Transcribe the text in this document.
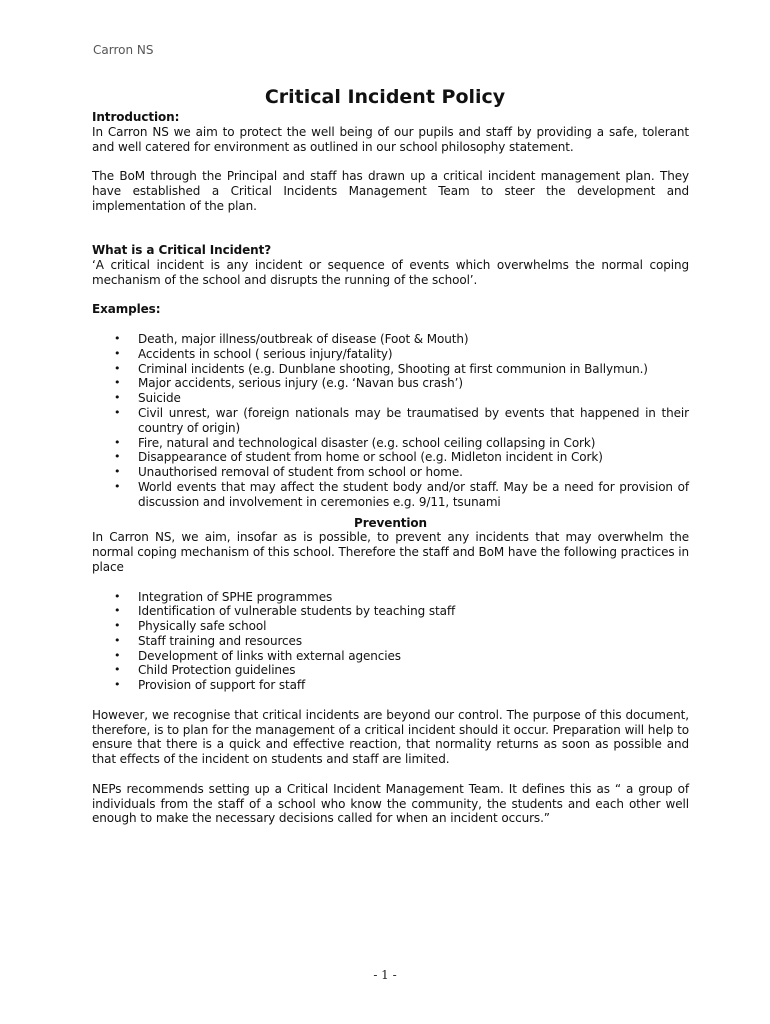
Carron NS
Critical Incident Policy
Introduction:

In Carron NS we aim to protect the well being of our pupils and staff by providing a safe, tolerant and well catered for environment as outlined in our school philosophy statement.

The BoM through the Principal and staff has drawn up a critical incident management plan. They have established a Critical Incidents Management Team to steer the development and implementation of the plan.

What is a Critical Incident?

‘A critical incident is any incident or sequence of events which overwhelms the normal coping mechanism of the school and disrupts the running of the school’.

Examples:
• Death, major illness/outbreak of disease (Foot & Mouth)
• Accidents in school ( serious injury/fatality)
• Criminal incidents (e.g. Dunblane shooting, Shooting at first communion in Ballymun.)
• Major accidents, serious injury (e.g. ‘Navan bus crash’)
• Suicide
• Civil unrest, war (foreign nationals may be traumatised by events that happened in their country of origin)
• Fire, natural and technological disaster (e.g. school ceiling collapsing in Cork)
• Disappearance of student from home or school (e.g. Midleton incident in Cork)
• Unauthorised removal of student from school or home.
• World events that may affect the student body and/or staff. May be a need for provision of discussion and involvement in ceremonies e.g. 9/11, tsunami
Prevention

In Carron NS, we aim, insofar as is possible, to prevent any incidents that may overwhelm the normal coping mechanism of this school. Therefore the staff and BoM have the following practices in place

• Integration of SPHE programmes
• Identification of vulnerable students by teaching staff
• Physically safe school
• Staff training and resources
• Development of links with external agencies
• Child Protection guidelines
• Provision of support for staff

However, we recognise that critical incidents are beyond our control. The purpose of this document, therefore, is to plan for the management of a critical incident should it occur. Preparation will help to ensure that there is a quick and effective reaction, that normality returns as soon as possible and that effects of the incident on students and staff are limited.

NEPs recommends setting up a Critical Incident Management Team. It defines this as “ a group of individuals from the staff of a school who know the community, the students and each other well enough to make the necessary decisions called for when an incident occurs.”

- 1 -
